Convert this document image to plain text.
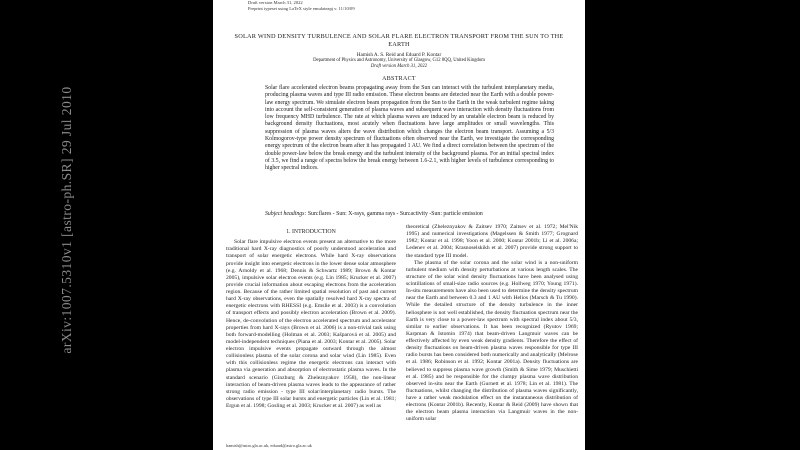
Draft version March 31, 2022
Preprint typeset using LaTeX style emulateapj v. 11/10/09
SOLAR WIND DENSITY TURBULENCE AND SOLAR FLARE ELECTRON TRANSPORT FROM THE SUN TO THE EARTH
Hamish A. S. Reid and Eduard P. Kontar
Department of Physics and Astronomy, University of Glasgow, G12 8QQ, United Kingdom
Draft version March 31, 2022
ABSTRACT
Solar flare accelerated electron beams propagating away from the Sun can interact with the turbulent interplanetary media, producing plasma waves and type III radio emission. These electron beams are detected near the Earth with a double power-law energy spectrum. We simulate electron beam propagation from the Sun to the Earth in the weak turbulent regime taking into account the self-consistent generation of plasma waves and subsequent wave interaction with density fluctuations from low frequency MHD turbulence. The rate at which plasma waves are induced by an unstable electron beam is reduced by background density fluctuations, most acutely when fluctuations have large amplitudes or small wavelengths. This suppression of plasma waves alters the wave distribution which changes the electron beam transport. Assuming a 5/3 Kolmogorov-type power density spectrum of fluctuations often observed near the Earth, we investigate the corresponding energy spectrum of the electron beam after it has propagated 1 AU. We find a direct correlation between the spectrum of the double power-law below the break energy and the turbulent intensity of the background plasma. For an initial spectral index of 3.5, we find a range of spectra below the break energy between 1.6-2.1, with higher levels of turbulence corresponding to higher spectral indices.
Subject headings: Sun:flares - Sun: X-rays, gamma rays - Sun:activity -Sun: particle emission

1. INTRODUCTION

Solar flare impulsive electron events present an alternative to the more traditional hard X-ray diagnostics of poorly understood acceleration and transport of solar energetic electrons. While hard X-ray observations provide insight into energetic electrons in the lower dense solar atmosphere (e.g. Arnoldy et al. 1968; Dennis & Schwartz 1989; Brown & Kontar 2005), impulsive solar electron events (e.g. Lin 1985; Krucker et al. 2007) provide crucial information about escaping electrons from the acceleration region. Because of the rather limited spatial resolution of past and current hard X-ray observations, even the spatially resolved hard X-ray spectra of energetic electrons with RHESSI (e.g. Emslie et al. 2003) is a convolution of transport effects and possibly electron acceleration (Brown et al. 2009). Hence, de-convolution of the electron accelerated spectrum and accelerator properties from hard X-rays (Brown et al. 2006) is a non-trivial task using both forward-modelling (Holman et al. 2003; Kašparová et al. 2005) and model-independent techniques (Piana et al. 2003; Kontar et al. 2005). Solar electron impulsive events propagate outward through the almost collisionless plasma of the solar corona and solar wind (Lin 1985). Even with this collisionless regime the energetic electrons can interact with plasma via generation and absorption of electrostatic plasma waves. In the standard scenario (Ginzburg & Zheleznyakov 1958), the non-linear interaction of beam-driven plasma waves leads to the appearance of rather strong radio emission - type III solar/interplanetary radio bursts. The observations of type III solar bursts and energetic particles (Lin et al. 1981; Ergun et al. 1998; Gosling et al. 2003; Krucker et al. 2007) as well as

theoretical (Zheleznyakov & Zaitsev 1970; Zaitsev et al. 1972; Mel'Nik 1995) and numerical investigations (Magelssen & Smith 1977; Grognard 1982; Kontar et al. 1998; Yoon et al. 2000; Kontar 2001b; Li et al. 2006a; Ledenev et al. 2004; Krasnoselskikh et al. 2007) provide strong support to the standard type III model.

The plasma of the solar corona and the solar wind is a non-uniform turbulent medium with density perturbations at various length scales. The structure of the solar wind density fluctuations have been analysed using scintillations of small-size radio sources (e.g. Hollweg 1970; Young 1971). In-situ measurements have also been used to determine the density spectrum near the Earth and between 0.3 and 1 AU with Helios (Marsch & Tu 1990). While the detailed structure of the density turbulence in the inner heliosphere is not well established, the density fluctuation spectrum near the Earth is very close to a power-law spectrum with spectral index about 5/3, similar to earlier observations. It has been recognized (Ryutov 1969; Karpman & Istomin 1974) that beam-driven Langmuir waves can be effectively affected by even weak density gradients. Therefore the effect of density fluctuations on beam-driven plasma waves responsible for type III radio bursts has been considered both numerically and analytically (Melrose et al. 1986; Robinson et al. 1992; Kontar 2001a). Density fluctuations are believed to suppress plasma wave growth (Smith & Sime 1979; Muschietti et al. 1985) and be responsible for the clumpy plasma wave distribution observed in-situ near the Earth (Gurnett et al. 1978; Lin et al. 1981). The fluctuations, whilst changing the distribution of plasma waves significantly, have a rather weak modulation effect on the instantaneous distribution of electrons (Kontar 2001b). Recently, Kontar & Reid (2009) have shown that the electron beam plasma interaction via Langmuir waves in the non-uniform solar

hamish@astro.gla.ac.uk, eduard@astro.gla.ac.uk
arXiv:1007.5310v1 [astro-ph.SR] 29 Jul 2010
